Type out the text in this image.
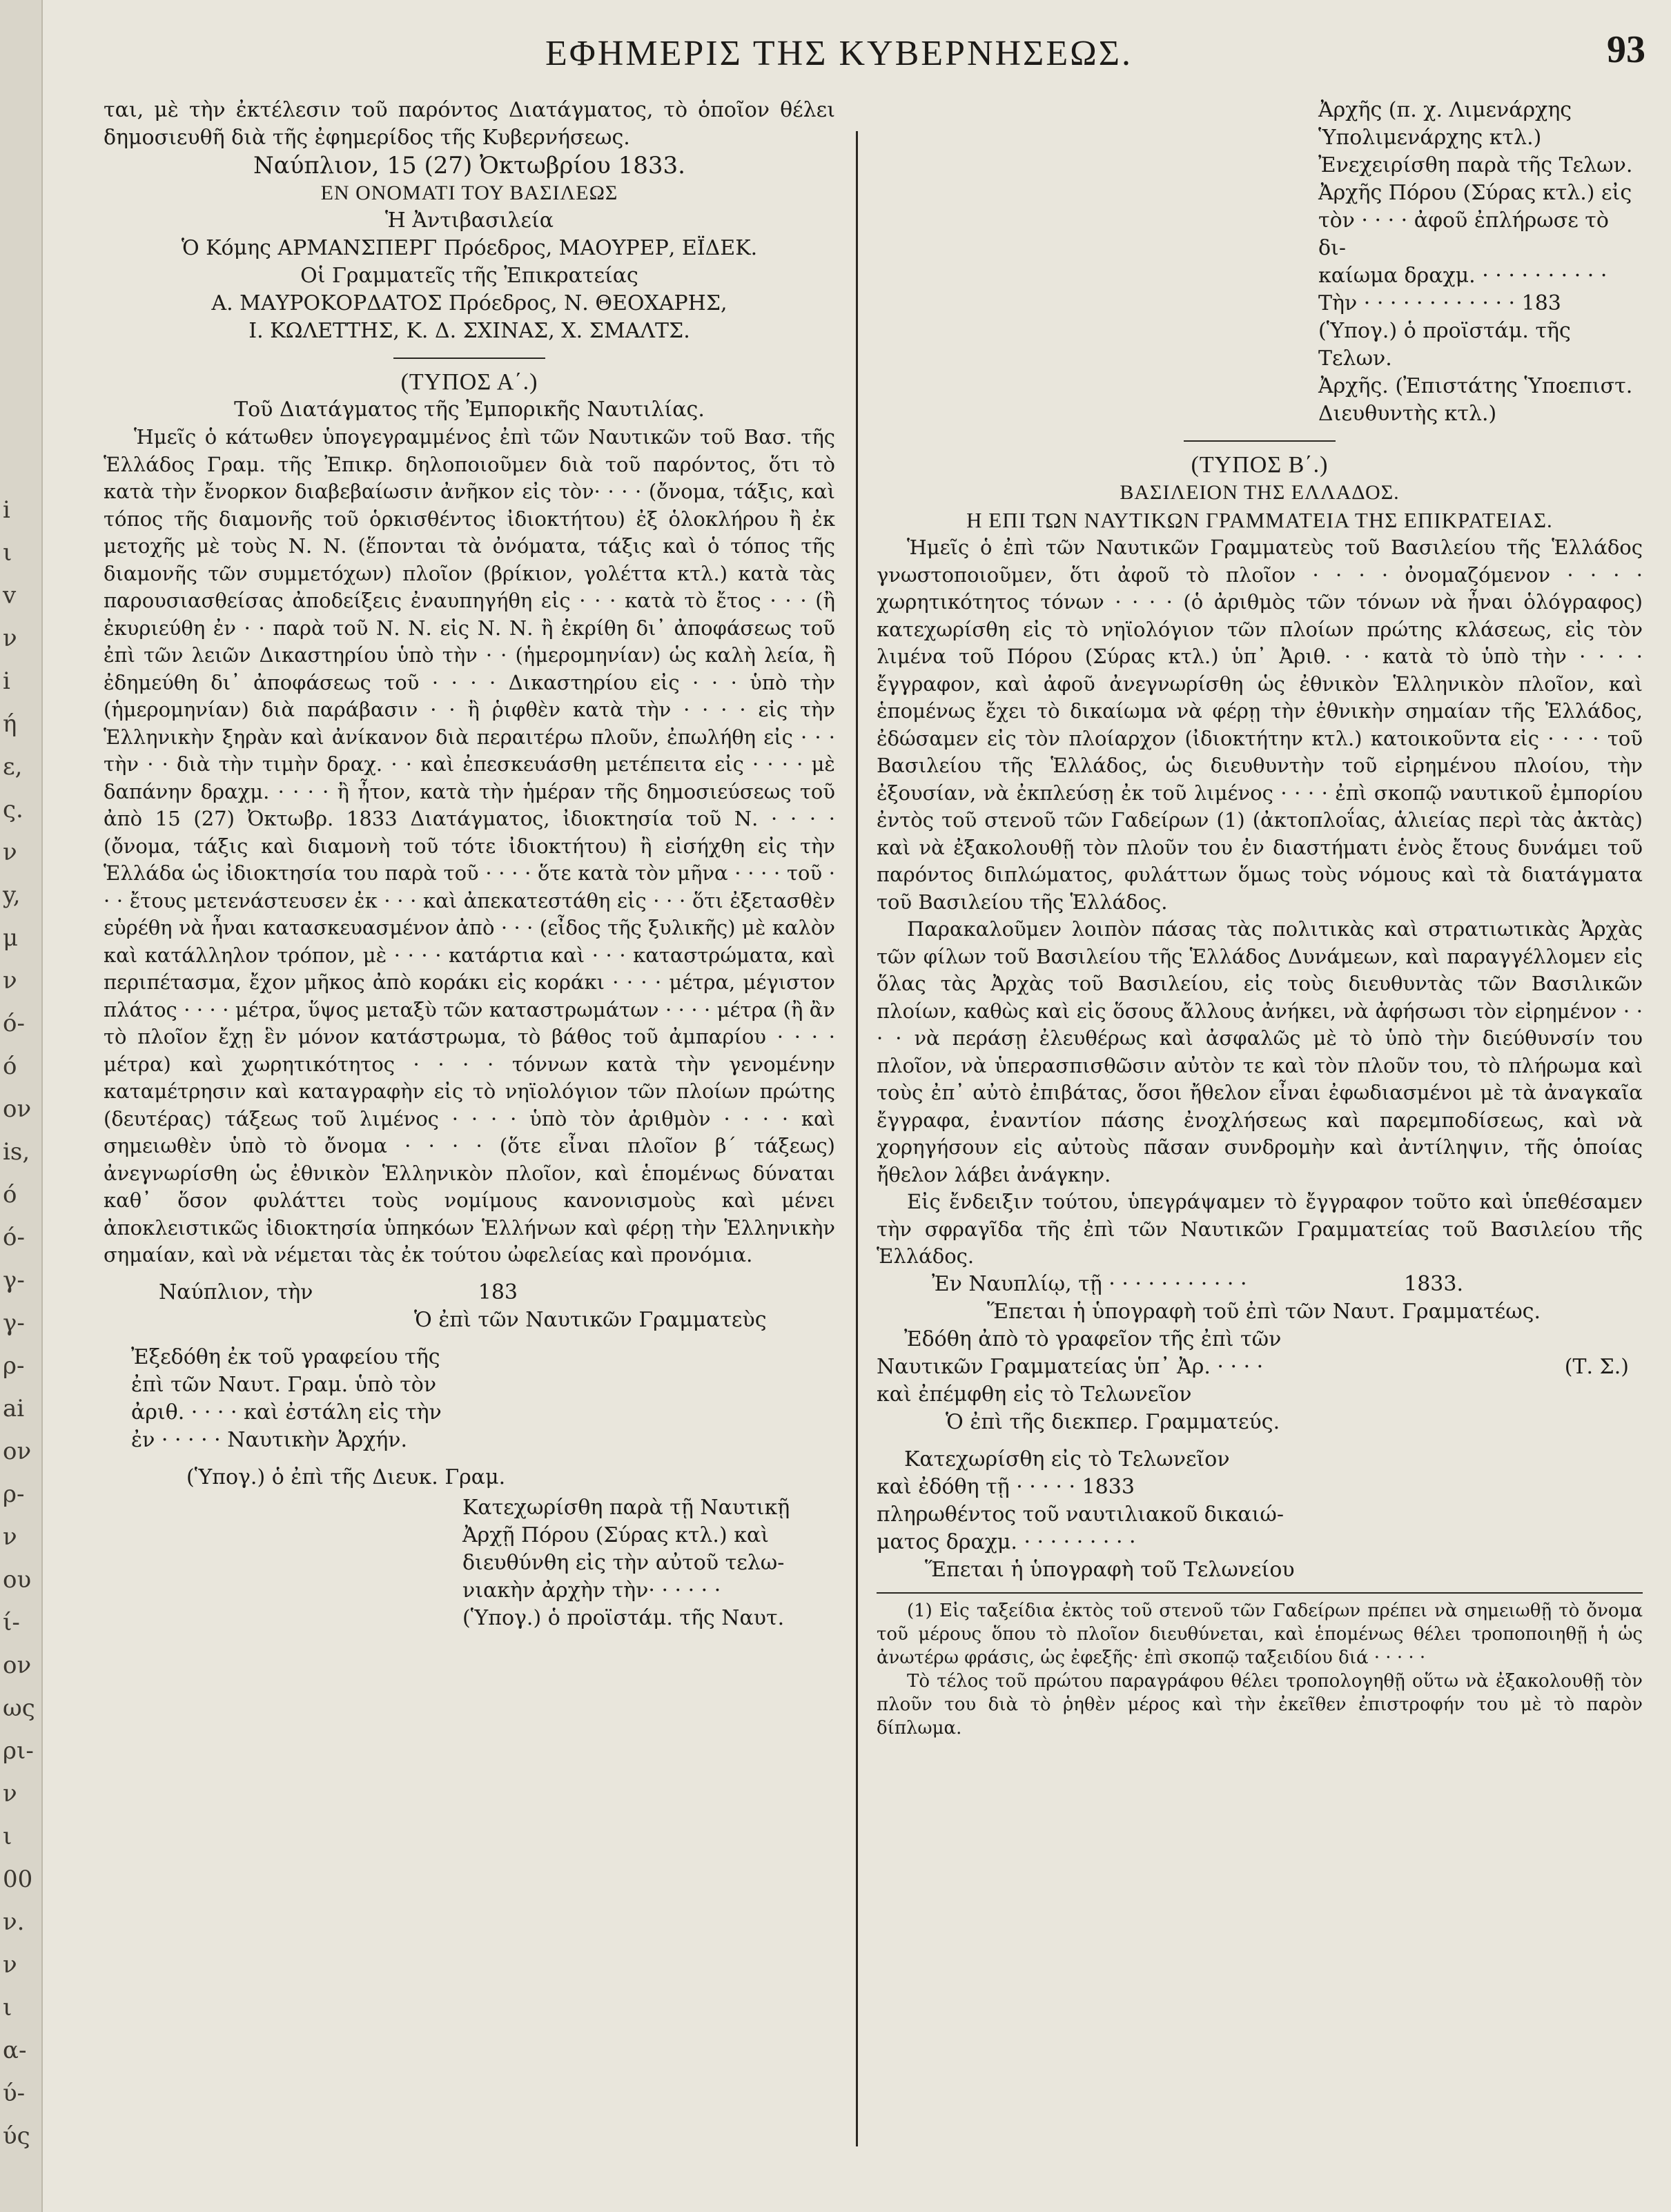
i
ι
v
ν
i
ή
ε,
ς.
ν
y,
μ
ν
ό-
ό
ον
is,
ό
ό-
γ-
γ-
ρ-
ai
ον
ρ-
ν
ου
ί-
ον
ως
ρι-
ν
ι
00
ν.
ν
ι
α-
ύ-
ύς
ΕΦΗΜΕΡΙΣ ΤΗΣ ΚΥΒΕΡΝΗΣΕΩΣ.	93

ται, μὲ τὴν ἐκτέλεσιν τοῦ παρόντος Διατάγματος, τὸ ὁποῖον θέλει δημοσιευθῆ διὰ τῆς ἐφημερίδος τῆς Κυβερνήσεως.

Ναύπλιον, 15 (27) Ὀκτωβρίου 1833.

ΕΝ ΟΝΟΜΑΤΙ ΤΟΥ ΒΑΣΙΛΕΩΣ

Ἡ Ἀντιβασιλεία

Ὁ Κόμης ΑΡΜΑΝΣΠΕΡΓ Πρόεδρος, ΜΑΟΥΡΕΡ, ΕΪΔΕΚ.

Οἱ Γραμματεῖς τῆς Ἐπικρατείας

Α. ΜΑΥΡΟΚΟΡΔΑΤΟΣ Πρόεδρος, Ν. ΘΕΟΧΑΡΗΣ,

Ι. ΚΩΛΕΤΤΗΣ, Κ. Δ. ΣΧΙΝΑΣ, Χ. ΣΜΑΛΤΣ.

(ΤΥΠΟΣ Α΄.)

Τοῦ Διατάγματος τῆς Ἐμπορικῆς Ναυτιλίας.

Ἡμεῖς ὁ κάτωθεν ὑπογεγραμμένος ἐπὶ τῶν Ναυτικῶν τοῦ Βασ. τῆς Ἑλλάδος Γραμ. τῆς Ἐπικρ. δηλοποιοῦμεν διὰ τοῦ παρόντος, ὅτι τὸ κατὰ τὴν ἔνορκον διαβεβαίωσιν ἀνῆκον εἰς τὸν· · · · (ὄνομα, τάξις, καὶ τόπος τῆς διαμονῆς τοῦ ὁρκισθέντος ἰδιοκτήτου) ἐξ ὁλοκλήρου ἢ ἐκ μετοχῆς μὲ τοὺς Ν. Ν. (ἕπονται τὰ ὀνόματα, τάξις καὶ ὁ τόπος τῆς διαμονῆς τῶν συμμετόχων) πλοῖον (βρίκιον, γολέττα κτλ.) κατὰ τὰς παρουσιασθείσας ἀποδείξεις ἐναυπηγήθη εἰς · · · κατὰ τὸ ἔτος · · · (ἢ ἐκυριεύθη ἐν · · παρὰ τοῦ Ν. Ν. εἰς Ν. Ν. ἢ ἐκρίθη δι᾽ ἀποφάσεως τοῦ ἐπὶ τῶν λειῶν Δικαστηρίου ὑπὸ τὴν · · (ἡμερομηνίαν) ὡς καλὴ λεία, ἢ ἐδημεύθη δι᾽ ἀποφάσεως τοῦ · · · · Δικαστηρίου εἰς · · · ὑπὸ τὴν (ἡμερομηνίαν) διὰ παράβασιν · · ἢ ῥιφθὲν κατὰ τὴν · · · · εἰς τὴν Ἑλληνικὴν ξηρὰν καὶ ἀνίκανον διὰ περαιτέρω πλοῦν, ἐπωλήθη εἰς · · · τὴν · · διὰ τὴν τιμὴν δραχ. · · καὶ ἐπεσκευάσθη μετέπειτα εἰς · · · · μὲ δαπάνην δραχμ. · · · · ἢ ἦτον, κατὰ τὴν ἡμέραν τῆς δημοσιεύσεως τοῦ ἀπὸ 15 (27) Ὀκτωβρ. 1833 Διατάγματος, ἰδιοκτησία τοῦ Ν. · · · · (ὄνομα, τάξις καὶ διαμονὴ τοῦ τότε ἰδιοκτήτου) ἢ εἰσήχθη εἰς τὴν Ἑλλάδα ὡς ἰδιοκτησία του παρὰ τοῦ · · · · ὅτε κατὰ τὸν μῆνα · · · · τοῦ · · · ἔτους μετενάστευσεν ἐκ · · · καὶ ἀπεκατεστάθη εἰς · · · ὅτι ἐξετασθὲν εὑρέθη νὰ ἦναι κατασκευασμένον ἀπὸ · · · (εἶδος τῆς ξυλικῆς) μὲ καλὸν καὶ κατάλληλον τρόπον, μὲ · · · · κατάρτια καὶ · · · καταστρώματα, καὶ περιπέτασμα, ἔχον μῆκος ἀπὸ κοράκι εἰς κοράκι · · · · μέτρα, μέγιστον πλάτος · · · · μέτρα, ὕψος μεταξὺ τῶν καταστρωμάτων · · · · μέτρα (ἢ ἂν τὸ πλοῖον ἔχῃ ἓν μόνον κατάστρωμα, τὸ βάθος τοῦ ἀμπαρίου · · · · μέτρα) καὶ χωρητικότητος · · · · τόννων κατὰ τὴν γενομένην καταμέτρησιν καὶ καταγραφὴν εἰς τὸ νηϊολόγιον τῶν πλοίων πρώτης (δευτέρας) τάξεως τοῦ λιμένος · · · · ὑπὸ τὸν ἀριθμὸν · · · · καὶ σημειωθὲν ὑπὸ τὸ ὄνομα · · · · (ὅτε εἶναι πλοῖον β΄ τάξεως) ἀνεγνωρίσθη ὡς ἐθνικὸν Ἑλληνικὸν πλοῖον, καὶ ἑπομένως δύναται καθ᾽ ὅσον φυλάττει τοὺς νομίμους κανονισμοὺς καὶ μένει ἀποκλειστικῶς ἰδιοκτησία ὑπηκόων Ἑλλήνων καὶ φέρῃ τὴν Ἑλληνικὴν σημαίαν, καὶ νὰ νέμεται τὰς ἐκ τούτου ὠφελείας καὶ προνόμια.

Ναύπλιον, τὴν	183

Ὁ ἐπὶ τῶν Ναυτικῶν Γραμματεὺς

Ἐξεδόθη ἐκ τοῦ γραφείου τῆς

ἐπὶ τῶν Ναυτ. Γραμ. ὑπὸ τὸν

ἀριθ. · · · · καὶ ἐστάλη εἰς τὴν

ἐν · · · · · Ναυτικὴν Ἀρχήν.

(Ὑπογ.) ὁ ἐπὶ τῆς Διευκ. Γραμ.

Κατεχωρίσθη παρὰ τῇ Ναυτικῇ

Ἀρχῇ Πόρου (Σύρας κτλ.) καὶ

διευθύνθη εἰς τὴν αὐτοῦ τελω-

νιακὴν ἀρχὴν τὴν· · · · · ·

(Ὑπογ.) ὁ προϊστάμ. τῆς Ναυτ.

Ἀρχῆς (π. χ. Λιμενάρχης Ὑπολιμενάρχης κτλ.)

Ἐνεχειρίσθη παρὰ τῆς Τελων.

Ἀρχῆς Πόρου (Σύρας κτλ.) εἰς

τὸν · · · · ἀφοῦ ἐπλήρωσε τὸ δι-

καίωμα δραχμ. · · · · · · · · · ·

Τὴν · · · · · · · · · · · · 183

(Ὑπογ.) ὁ προϊστάμ. τῆς Τελων.

Ἀρχῆς. (Ἐπιστάτης Ὑποεπιστ.

Διευθυντὴς κτλ.)

(ΤΥΠΟΣ Β΄.)

ΒΑΣΙΛΕΙΟΝ ΤΗΣ ΕΛΛΑΔΟΣ.

Η ΕΠΙ ΤΩΝ ΝΑΥΤΙΚΩΝ ΓΡΑΜΜΑΤΕΙΑ ΤΗΣ ΕΠΙΚΡΑΤΕΙΑΣ.

Ἡμεῖς ὁ ἐπὶ τῶν Ναυτικῶν Γραμματεὺς τοῦ Βασιλείου τῆς Ἑλλάδος γνωστοποιοῦμεν, ὅτι ἀφοῦ τὸ πλοῖον · · · · ὀνομαζόμενον · · · · χωρητικότητος τόνων · · · · (ὁ ἀριθμὸς τῶν τόνων νὰ ἦναι ὁλόγραφος) κατεχωρίσθη εἰς τὸ νηϊολόγιον τῶν πλοίων πρώτης κλάσεως, εἰς τὸν λιμένα τοῦ Πόρου (Σύρας κτλ.) ὑπ᾽ Ἀριθ. · · κατὰ τὸ ὑπὸ τὴν · · · · ἔγγραφον, καὶ ἀφοῦ ἀνεγνωρίσθη ὡς ἐθνικὸν Ἑλληνικὸν πλοῖον, καὶ ἑπομένως ἔχει τὸ δικαίωμα νὰ φέρῃ τὴν ἐθνικὴν σημαίαν τῆς Ἑλλάδος, ἐδώσαμεν εἰς τὸν πλοίαρχον (ἰδιοκτήτην κτλ.) κατοικοῦντα εἰς · · · · τοῦ Βασιλείου τῆς Ἑλλάδος, ὡς διευθυντὴν τοῦ εἰρημένου πλοίου, τὴν ἐξουσίαν, νὰ ἐκπλεύσῃ ἐκ τοῦ λιμένος · · · · ἐπὶ σκοπῷ ναυτικοῦ ἐμπορίου ἐντὸς τοῦ στενοῦ τῶν Γαδείρων (1) (ἀκτοπλοΐας, ἁλιείας περὶ τὰς ἀκτὰς) καὶ νὰ ἐξακολουθῇ τὸν πλοῦν του ἐν διαστήματι ἑνὸς ἔτους δυνάμει τοῦ παρόντος διπλώματος, φυλάττων ὅμως τοὺς νόμους καὶ τὰ διατάγματα τοῦ Βασιλείου τῆς Ἑλλάδος.

Παρακαλοῦμεν λοιπὸν πάσας τὰς πολιτικὰς καὶ στρατιωτικὰς Ἀρχὰς τῶν φίλων τοῦ Βασιλείου τῆς Ἑλλάδος Δυνάμεων, καὶ παραγγέλλομεν εἰς ὅλας τὰς Ἀρχὰς τοῦ Βασιλείου, εἰς τοὺς διευθυντὰς τῶν Βασιλικῶν πλοίων, καθὼς καὶ εἰς ὅσους ἄλλους ἀνήκει, νὰ ἀφήσωσι τὸν εἰρημένον · · · · νὰ περάσῃ ἐλευθέρως καὶ ἀσφαλῶς μὲ τὸ ὑπὸ τὴν διεύθυνσίν του πλοῖον, νὰ ὑπερασπισθῶσιν αὐτὸν τε καὶ τὸν πλοῦν του, τὸ πλήρωμα καὶ τοὺς ἐπ᾽ αὐτὸ ἐπιβάτας, ὅσοι ἤθελον εἶναι ἐφωδιασμένοι μὲ τὰ ἀναγκαῖα ἔγγραφα, ἐναντίον πάσης ἐνοχλήσεως καὶ παρεμποδίσεως, καὶ νὰ χορηγήσουν εἰς αὐτοὺς πᾶσαν συνδρομὴν καὶ ἀντίληψιν, τῆς ὁποίας ἤθελον λάβει ἀνάγκην.

Εἰς ἔνδειξιν τούτου, ὑπεγράψαμεν τὸ ἔγγραφον τοῦτο καὶ ὑπεθέσαμεν τὴν σφραγῖδα τῆς ἐπὶ τῶν Ναυτικῶν Γραμματείας τοῦ Βασιλείου τῆς Ἑλλάδος.

Ἐν Ναυπλίῳ, τῇ · · · · · · · · · · ·	1833.

Ἕπεται ἡ ὑπογραφὴ τοῦ ἐπὶ τῶν Ναυτ. Γραμματέως.

Ἐδόθη ἀπὸ τὸ γραφεῖον τῆς ἐπὶ τῶν

Ναυτικῶν Γραμματείας ὑπ᾽ Ἀρ. · · · ·	(Τ. Σ.)

καὶ ἐπέμφθη εἰς τὸ Τελωνεῖον

Ὁ ἐπὶ τῆς διεκπερ. Γραμματεύς.

Κατεχωρίσθη εἰς τὸ Τελωνεῖον

καὶ ἐδόθη τῇ · · · · · 1833

πληρωθέντος τοῦ ναυτιλιακοῦ δικαιώ-

ματος δραχμ. · · · · · · · · ·

Ἕπεται ἡ ὑπογραφὴ τοῦ Τελωνείου

(1) Εἰς ταξείδια ἐκτὸς τοῦ στενοῦ τῶν Γαδείρων πρέπει νὰ σημειωθῇ τὸ ὄνομα τοῦ μέρους ὅπου τὸ πλοῖον διευθύνεται, καὶ ἑπομένως θέλει τροποποιηθῇ ἡ ὡς ἀνωτέρω φράσις, ὡς ἐφεξῆς· ἐπὶ σκοπῷ ταξειδίου διά · · · · ·

Τὸ τέλος τοῦ πρώτου παραγράφου θέλει τροπολογηθῇ οὕτω νὰ ἐξακολουθῇ τὸν πλοῦν του διὰ τὸ ῥηθὲν μέρος καὶ τὴν ἐκεῖθεν ἐπιστροφήν του μὲ τὸ παρὸν δίπλωμα.
